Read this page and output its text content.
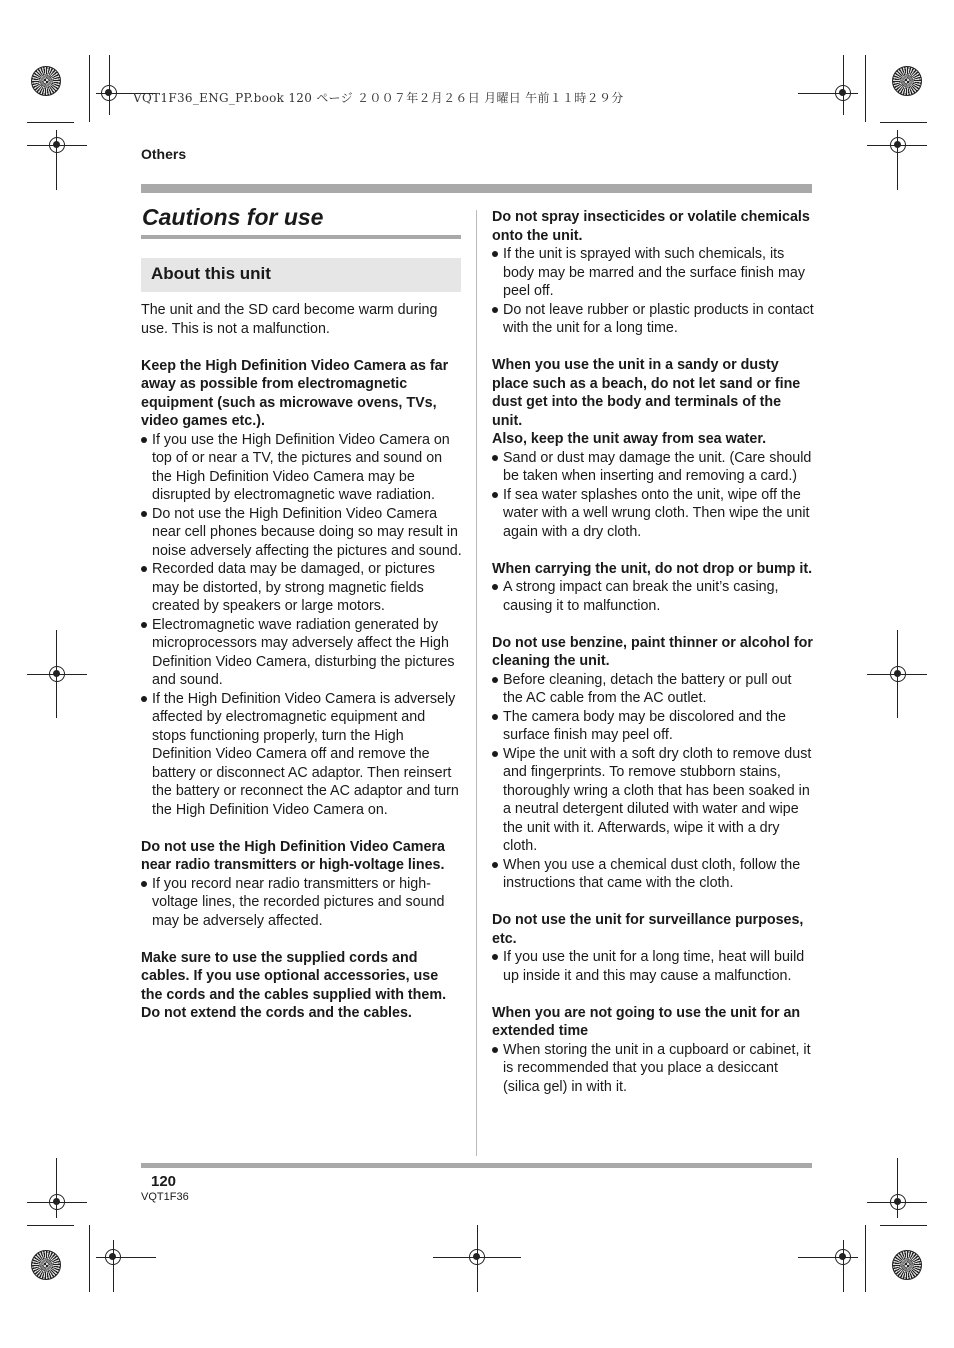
VQT1F36_ENG_PP.book 120 ページ ２００７年２月２６日 月曜日 午前１１時２９分
Others
Cautions for use
About this unit

The unit and the SD card become warm during use. This is not a malfunction.

Keep the High Definition Video Camera as far away as possible from electromagnetic equipment (such as microwave ovens, TVs, video games etc.).

If you use the High Definition Video Camera on top of or near a TV, the pictures and sound on the High Definition Video Camera may be disrupted by electromagnetic wave radiation.
Do not use the High Definition Video Camera near cell phones because doing so may result in noise adversely affecting the pictures and sound.
Recorded data may be damaged, or pictures may be distorted, by strong magnetic fields created by speakers or large motors.
Electromagnetic wave radiation generated by microprocessors may adversely affect the High Definition Video Camera, disturbing the pictures and sound.
If the High Definition Video Camera is adversely affected by electromagnetic equipment and stops functioning properly, turn the High Definition Video Camera off and remove the battery or disconnect AC adaptor. Then reinsert the battery or reconnect the AC adaptor and turn the High Definition Video Camera on.

Do not use the High Definition Video Camera near radio transmitters or high-voltage lines.

If you record near radio transmitters or high-voltage lines, the recorded pictures and sound may be adversely affected.

Make sure to use the supplied cords and cables. If you use optional accessories, use the cords and the cables supplied with them. Do not extend the cords and the cables.

Do not spray insecticides or volatile chemicals onto the unit.

If the unit is sprayed with such chemicals, its body may be marred and the surface finish may peel off.
Do not leave rubber or plastic products in contact with the unit for a long time.

When you use the unit in a sandy or dusty place such as a beach, do not let sand or fine dust get into the body and terminals of the unit.

Also, keep the unit away from sea water.

Sand or dust may damage the unit. (Care should be taken when inserting and removing a card.)
If sea water splashes onto the unit, wipe off the water with a well wrung cloth. Then wipe the unit again with a dry cloth.

When carrying the unit, do not drop or bump it.

A strong impact can break the unit’s casing, causing it to malfunction.

Do not use benzine, paint thinner or alcohol for cleaning the unit.

Before cleaning, detach the battery or pull out the AC cable from the AC outlet.
The camera body may be discolored and the surface finish may peel off.
Wipe the unit with a soft dry cloth to remove dust and fingerprints. To remove stubborn stains, thoroughly wring a cloth that has been soaked in a neutral detergent diluted with water and wipe the unit with it. Afterwards, wipe it with a dry cloth.
When you use a chemical dust cloth, follow the instructions that came with the cloth.

Do not use the unit for surveillance purposes, etc.

If you use the unit for a long time, heat will build up inside it and this may cause a malfunction.

When you are not going to use the unit for an extended time

When storing the unit in a cupboard or cabinet, it is recommended that you place a desiccant (silica gel) in with it.
120
VQT1F36
